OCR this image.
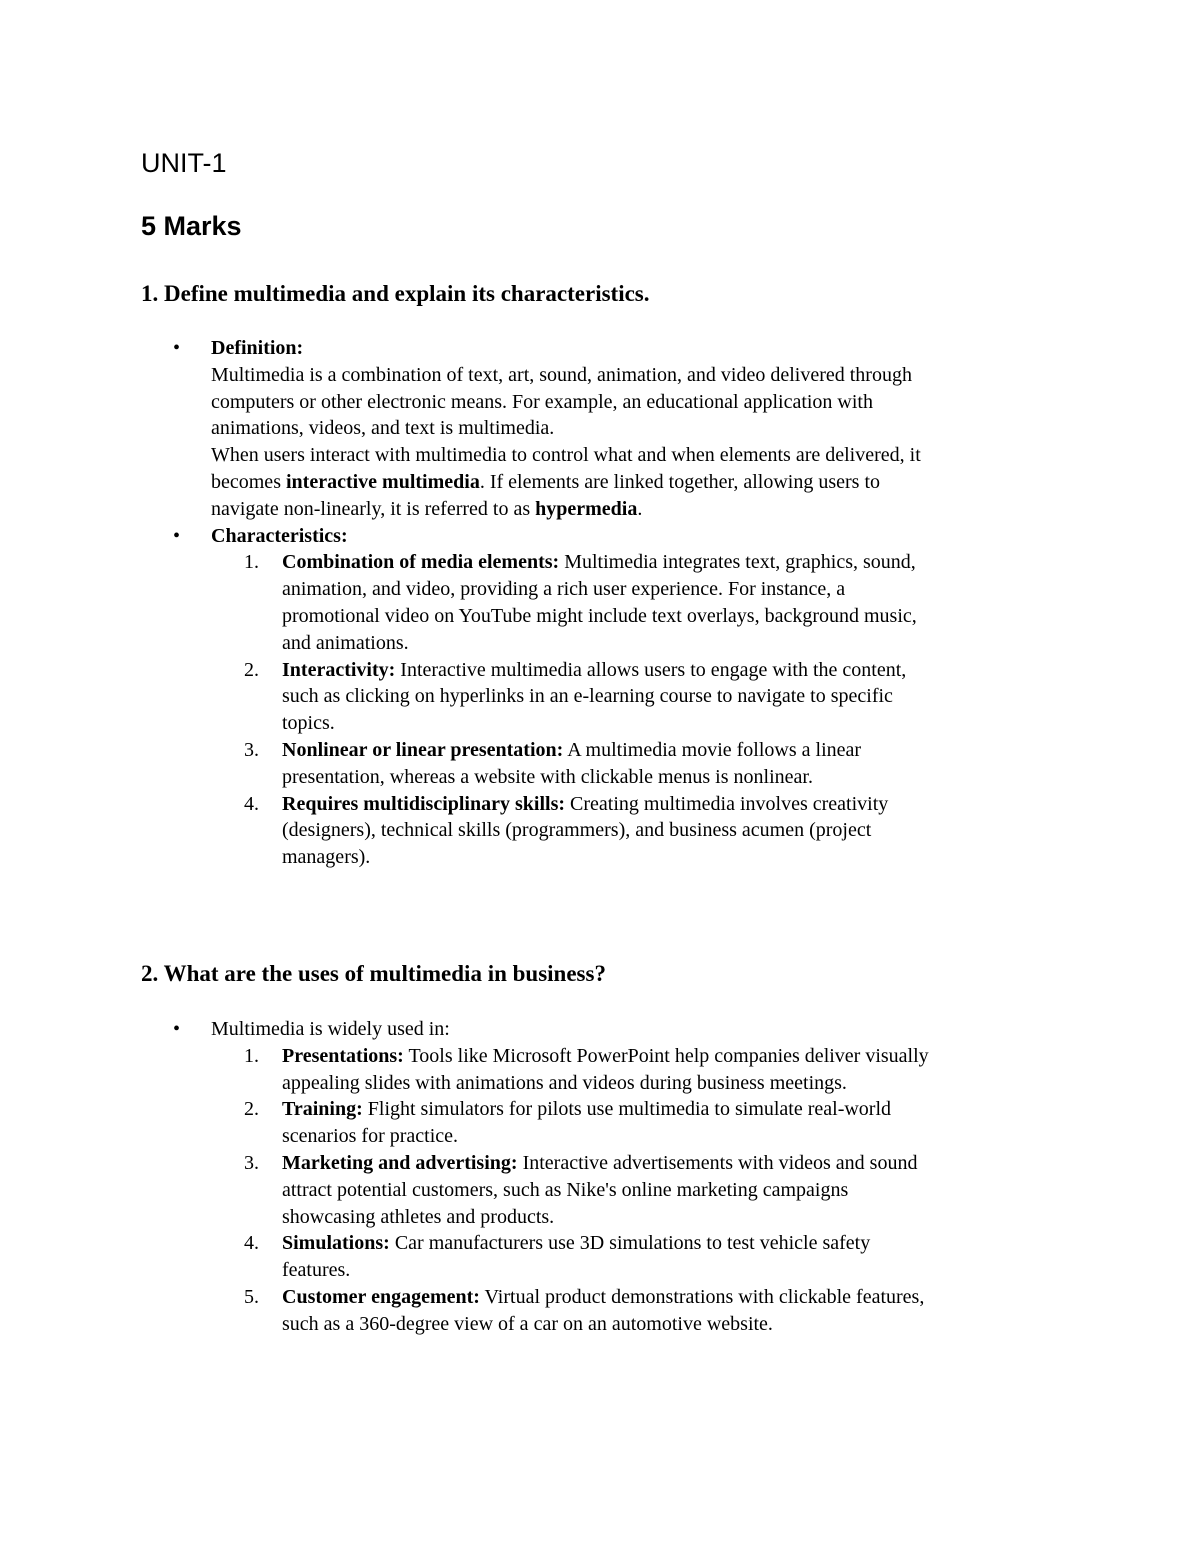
UNIT-1
5 Marks
1. Define multimedia and explain its characteristics.
•	Definition:
Multimedia is a combination of text, art, sound, animation, and video delivered through
computers or other electronic means. For example, an educational application with
animations, videos, and text is multimedia.
When users interact with multimedia to control what and when elements are delivered, it
becomes interactive multimedia. If elements are linked together, allowing users to
navigate non-linearly, it is referred to as hypermedia.
•	Characteristics:
1.	Combination of media elements: Multimedia integrates text, graphics, sound,
animation, and video, providing a rich user experience. For instance, a
promotional video on YouTube might include text overlays, background music,
and animations.
2.	Interactivity: Interactive multimedia allows users to engage with the content,
such as clicking on hyperlinks in an e-learning course to navigate to specific
topics.
3.	Nonlinear or linear presentation: A multimedia movie follows a linear
presentation, whereas a website with clickable menus is nonlinear.
4.	Requires multidisciplinary skills: Creating multimedia involves creativity
(designers), technical skills (programmers), and business acumen (project
managers).
2. What are the uses of multimedia in business?
•	Multimedia is widely used in:
1.	Presentations: Tools like Microsoft PowerPoint help companies deliver visually
appealing slides with animations and videos during business meetings.
2.	Training: Flight simulators for pilots use multimedia to simulate real-world
scenarios for practice.
3.	Marketing and advertising: Interactive advertisements with videos and sound
attract potential customers, such as Nike's online marketing campaigns
showcasing athletes and products.
4.	Simulations: Car manufacturers use 3D simulations to test vehicle safety
features.
5.	Customer engagement: Virtual product demonstrations with clickable features,
such as a 360-degree view of a car on an automotive website.
